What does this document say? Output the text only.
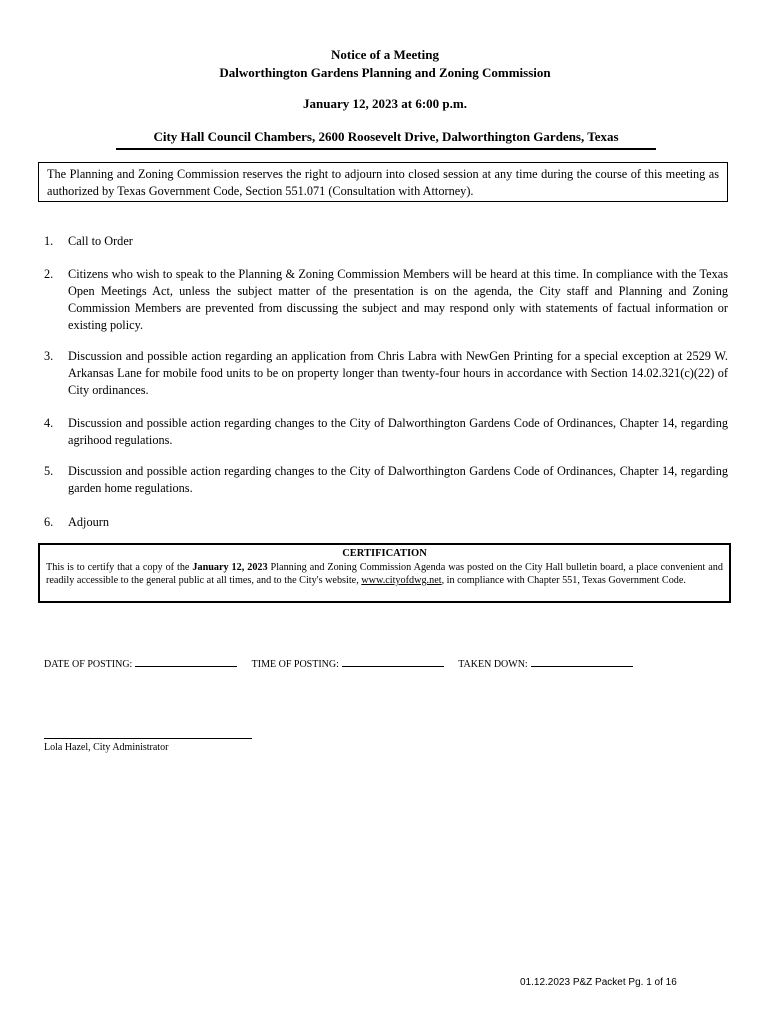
Notice of a Meeting
Dalworthington Gardens Planning and Zoning Commission
January 12, 2023 at 6:00 p.m.
City Hall Council Chambers, 2600 Roosevelt Drive, Dalworthington Gardens, Texas
The Planning and Zoning Commission reserves the right to adjourn into closed session at any time during the course of this meeting as authorized by Texas Government Code, Section 551.071 (Consultation with Attorney).
1. Call to Order
2. Citizens who wish to speak to the Planning & Zoning Commission Members will be heard at this time. In compliance with the Texas Open Meetings Act, unless the subject matter of the presentation is on the agenda, the City staff and Planning and Zoning Commission Members are prevented from discussing the subject and may respond only with statements of factual information or existing policy.
3. Discussion and possible action regarding an application from Chris Labra with NewGen Printing for a special exception at 2529 W. Arkansas Lane for mobile food units to be on property longer than twenty-four hours in accordance with Section 14.02.321(c)(22) of City ordinances.
4. Discussion and possible action regarding changes to the City of Dalworthington Gardens Code of Ordinances, Chapter 14, regarding agrihood regulations.
5. Discussion and possible action regarding changes to the City of Dalworthington Gardens Code of Ordinances, Chapter 14, regarding garden home regulations.
6. Adjourn
CERTIFICATION
This is to certify that a copy of the January 12, 2023 Planning and Zoning Commission Agenda was posted on the City Hall bulletin board, a place convenient and readily accessible to the general public at all times, and to the City's website, www.cityofdwg.net, in compliance with Chapter 551, Texas Government Code.
DATE OF POSTING:	TIME OF POSTING:	TAKEN DOWN:
Lola Hazel, City Administrator
01.12.2023 P&Z Packet Pg. 1 of 16
